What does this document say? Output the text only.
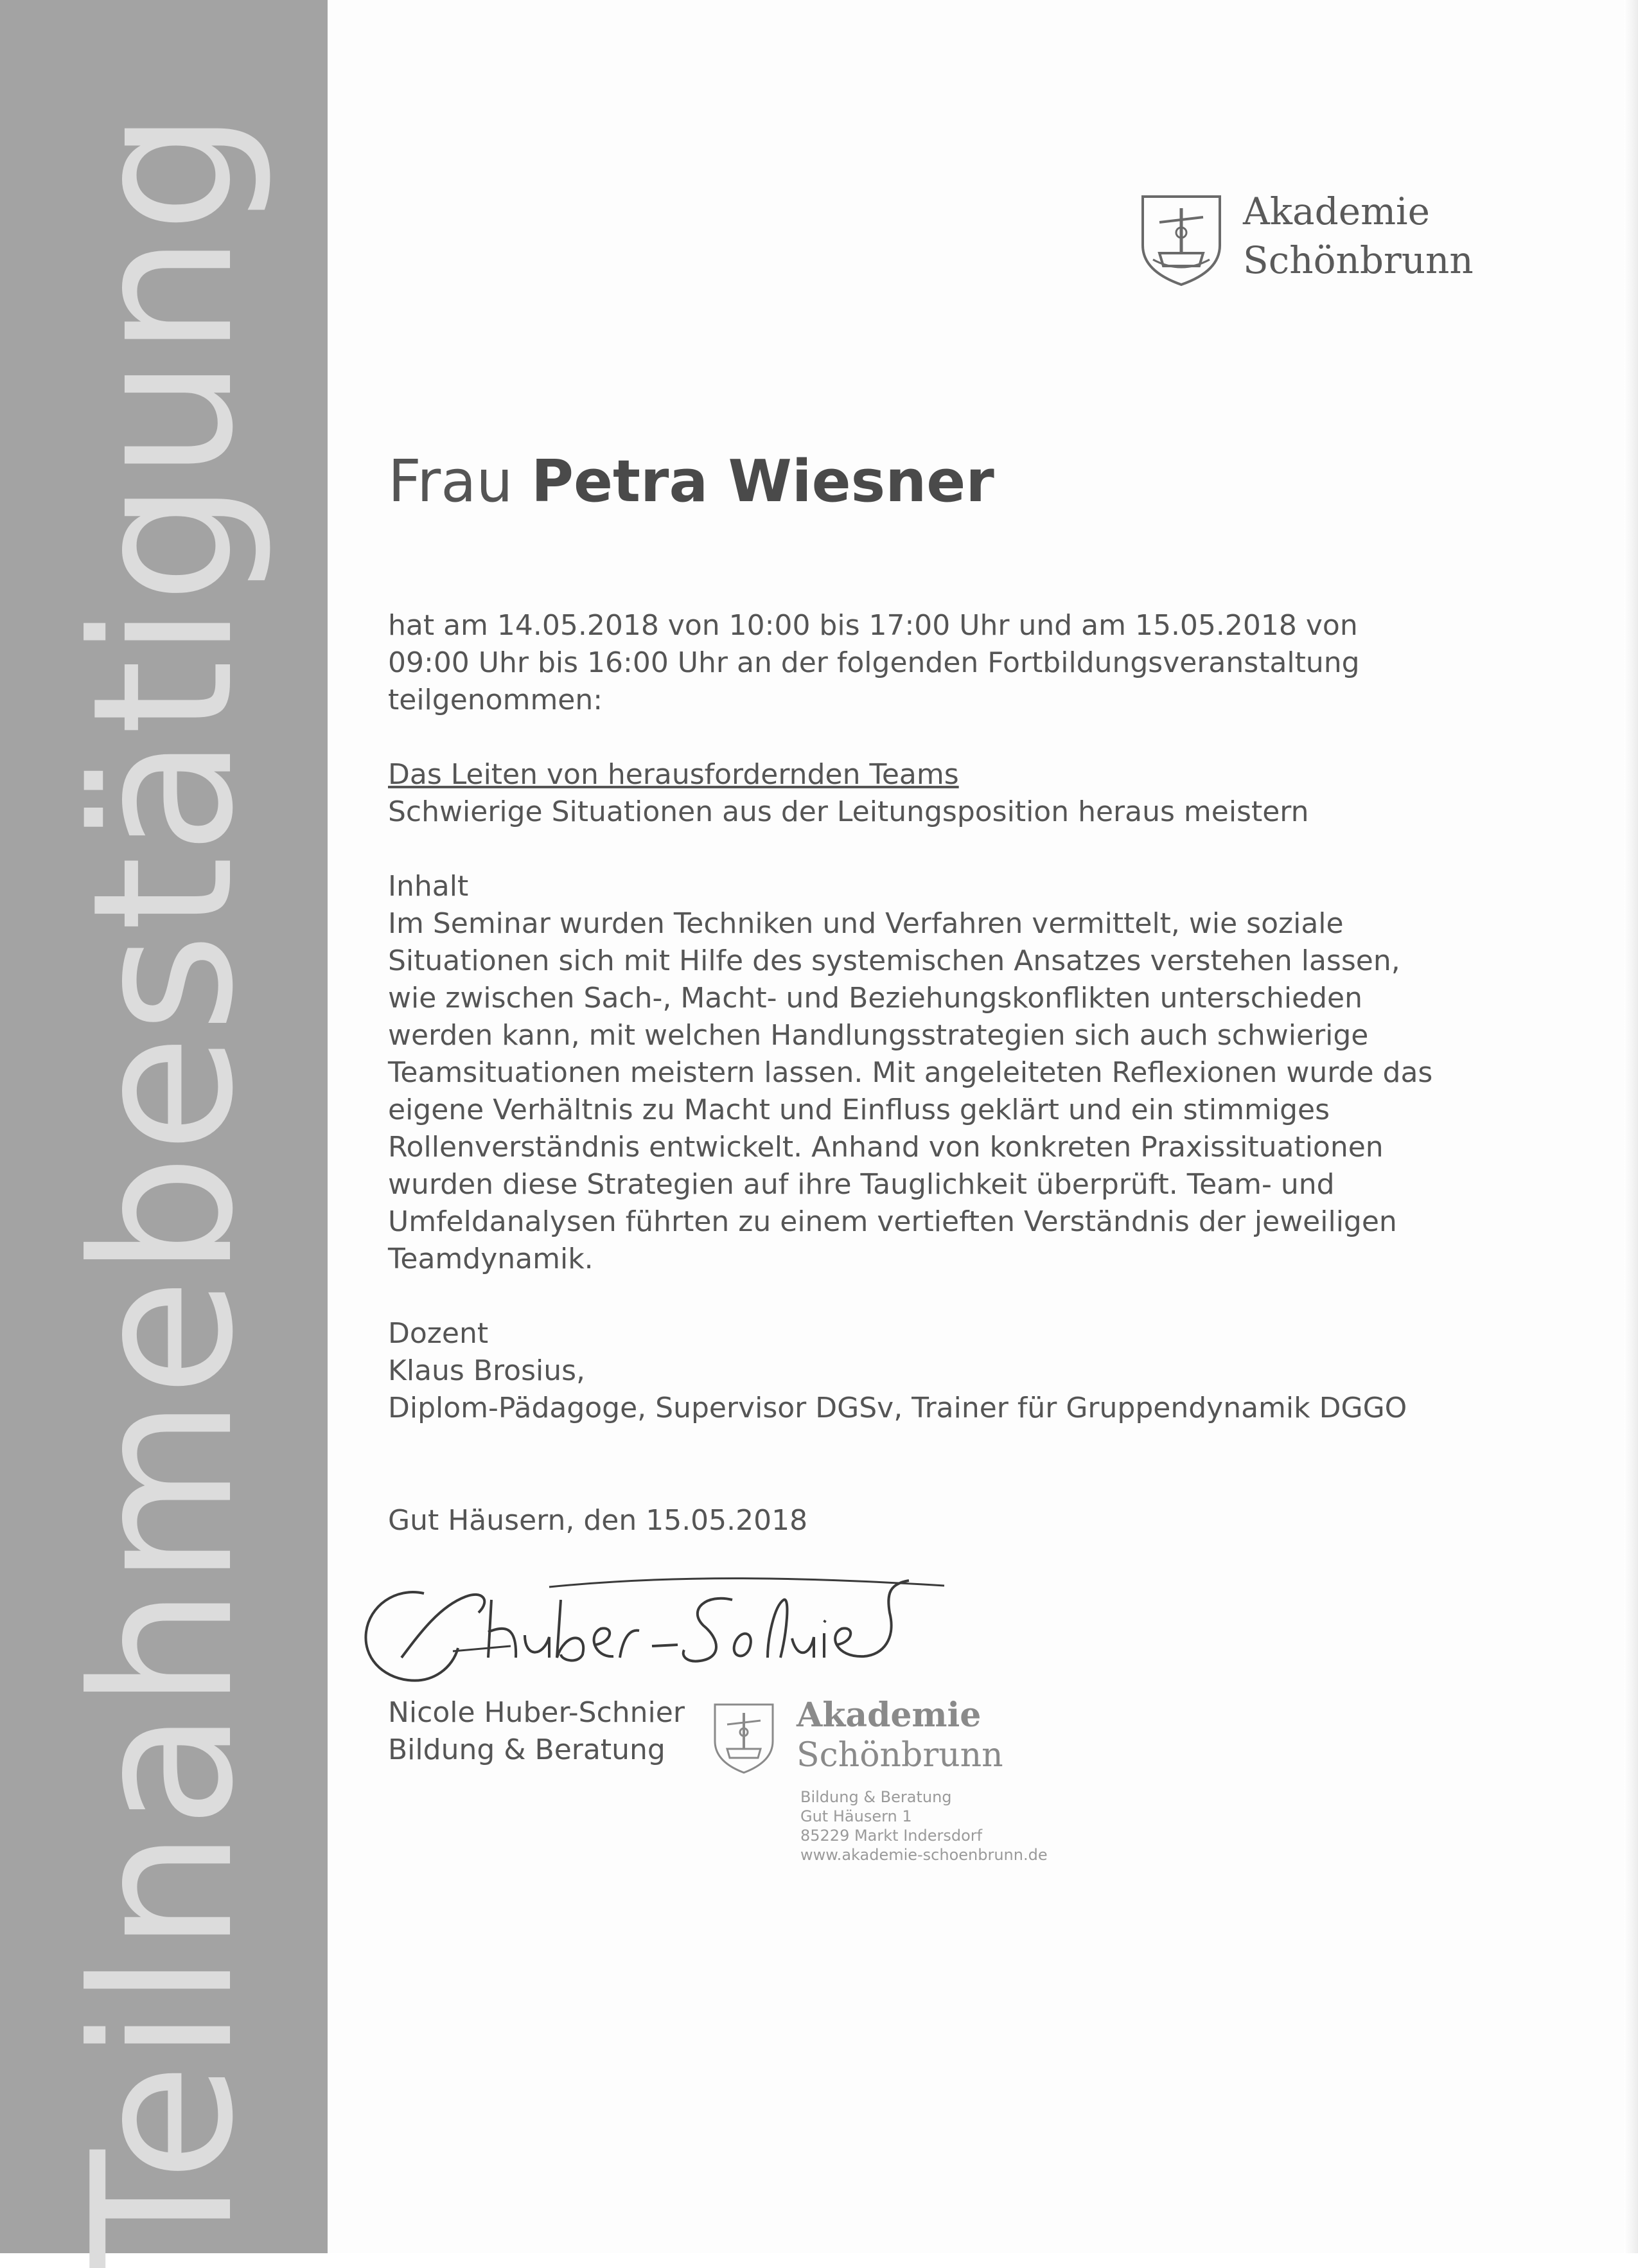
Teilnahmebestätigung	Akademie
Schönbrunn
Frau Petra Wiesner
hat am 14.05.2018 von 10:00 bis 17:00 Uhr und am 15.05.2018 von
09:00 Uhr bis 16:00 Uhr an der folgenden Fortbildungsveranstaltung
teilgenommen:
Das Leiten von herausfordernden Teams
Schwierige Situationen aus der Leitungsposition heraus meistern
Inhalt
Im Seminar wurden Techniken und Verfahren vermittelt, wie soziale
Situationen sich mit Hilfe des systemischen Ansatzes verstehen lassen,
wie zwischen Sach-, Macht- und Beziehungskonflikten unterschieden
werden kann, mit welchen Handlungsstrategien sich auch schwierige
Teamsituationen meistern lassen. Mit angeleiteten Reflexionen wurde das
eigene Verhältnis zu Macht und Einfluss geklärt und ein stimmiges
Rollenverständnis entwickelt. Anhand von konkreten Praxissituationen
wurden diese Strategien auf ihre Tauglichkeit überprüft. Team- und
Umfeldanalysen führten zu einem vertieften Verständnis der jeweiligen
Teamdynamik.
Dozent
Klaus Brosius,
Diplom-Pädagoge, Supervisor DGSv, Trainer für Gruppendynamik DGGO
Gut Häusern, den 15.05.2018
Nicole Huber-Schnier
Bildung & Beratung
Akademie
Schönbrunn
Bildung & Beratung
Gut Häusern 1
85229 Markt Indersdorf
www.akademie-schoenbrunn.de
